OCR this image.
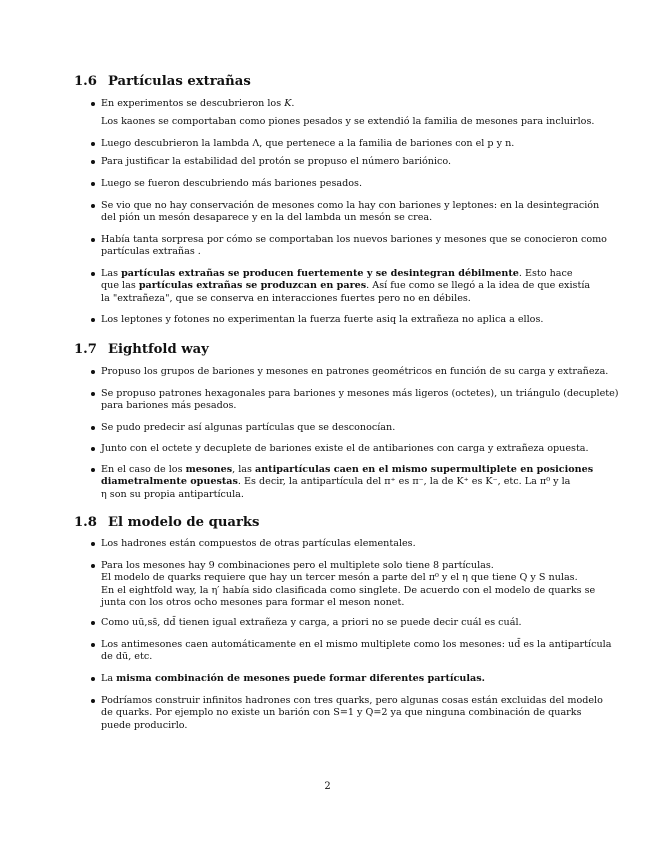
1.6 Partículas extrañas
En experimentos se descubrieron los K.
Los kaones se comportaban como piones pesados y se extendió la familia de mesones para incluirlos.
Luego descubrieron la lambda Λ, que pertenece a la familia de bariones con el p y n.
Para justificar la estabilidad del protón se propuso el número bariónico.
Luego se fueron descubriendo más bariones pesados.
Se vio que no hay conservación de mesones como la hay con bariones y leptones: en la desintegración
del pión un mesón desaparece y en la del lambda un mesón se crea.
Había tanta sorpresa por cómo se comportaban los nuevos bariones y mesones que se conocieron como
partículas extrañas .
Las partículas extrañas se producen fuertemente y se desintegran débilmente. Esto hace
que las partículas extrañas se produzcan en pares. Así fue como se llegó a la idea de que existía
la "extrañeza", que se conserva en interacciones fuertes pero no en débiles.
Los leptones y fotones no experimentan la fuerza fuerte asiq la extrañeza no aplica a ellos.
1.7 Eightfold way
Propuso los grupos de bariones y mesones en patrones geométricos en función de su carga y extrañeza.
Se propuso patrones hexagonales para bariones y mesones más ligeros (octetes), un triángulo (decuplete)
para bariones más pesados.
Se pudo predecir así algunas partículas que se desconocían.
Junto con el octete y decuplete de bariones existe el de antibariones con carga y extrañeza opuesta.
En el caso de los mesones, las antipartículas caen en el mismo supermultiplete en posiciones
diametralmente opuestas. Es decir, la antipartícula del π⁺ es π⁻, la de K⁺ es K⁻, etc. La π⁰ y la
η son su propia antipartícula.
1.8 El modelo de quarks
Los hadrones están compuestos de otras partículas elementales.
Para los mesones hay 9 combinaciones pero el multiplete solo tiene 8 partículas.
El modelo de quarks requiere que hay un tercer mesón a parte del π⁰ y el η que tiene Q y S nulas.
En el eightfold way, la η′ había sido clasificada como singlete. De acuerdo con el modelo de quarks se
junta con los otros ocho mesones para formar el meson nonet.
Como uū,ss̄, dd̄ tienen igual extrañeza y carga, a priori no se puede decir cuál es cuál.
Los antimesones caen automáticamente en el mismo multiplete como los mesones: ud̄ es la antipartícula
de dū, etc.
La misma combinación de mesones puede formar diferentes partículas.
Podríamos construir infinitos hadrones con tres quarks, pero algunas cosas están excluidas del modelo
de quarks. Por ejemplo no existe un barión con S=1 y Q=2 ya que ninguna combinación de quarks
puede producirlo.
2
